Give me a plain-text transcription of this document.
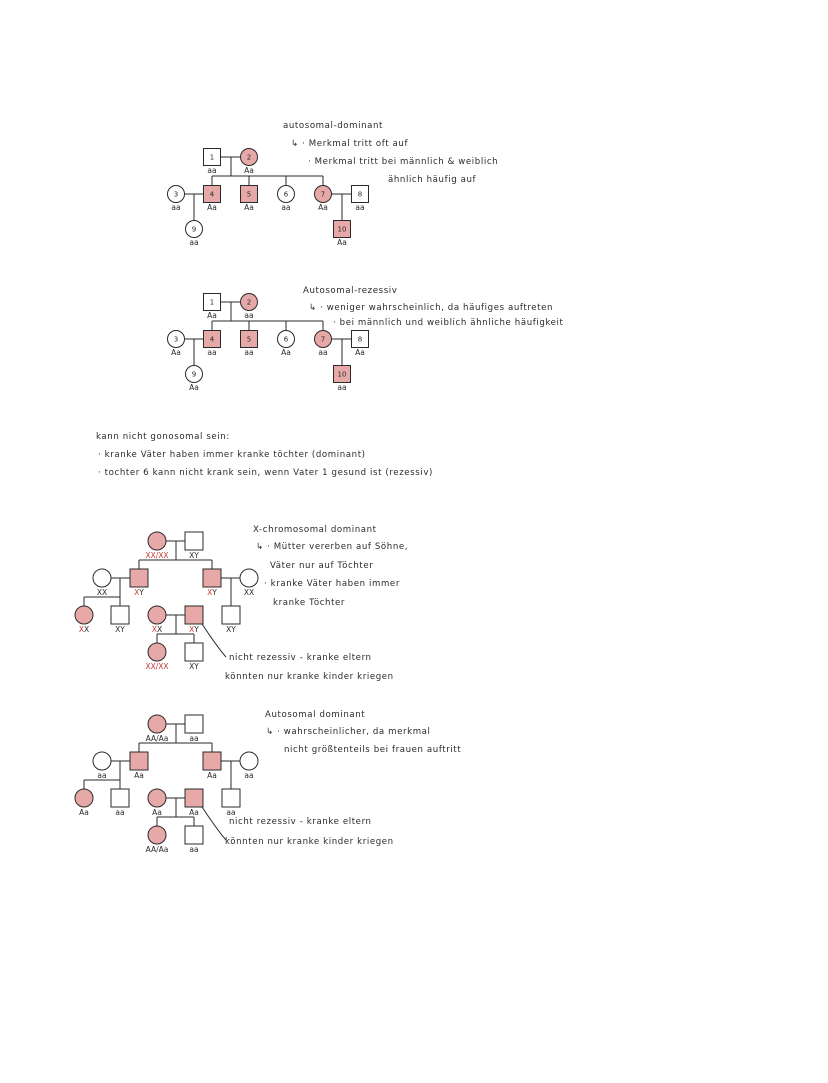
autosomal-dominant
↳ · Merkmal tritt oft auf
· Merkmal tritt bei männlich & weiblich
ähnlich häufig auf
Autosomal-rezessiv
↳ · weniger wahrscheinlich, da häufiges auftreten
· bei männlich und weiblich ähnliche häufigkeit
kann nicht gonosomal sein:
· kranke Väter haben immer kranke töchter (dominant)
· tochter 6 kann nicht krank sein, wenn Vater 1 gesund ist (rezessiv)
X-chromosomal dominant
↳ · Mütter vererben auf Söhne,
Väter nur auf Töchter
· kranke Väter haben immer
kranke Töchter
nicht rezessiv - kranke eltern
könnten nur kranke kinder kriegen
Autosomal dominant
↳ · wahrscheinlicher, da merkmal
nicht größtenteils bei frauen auftritt
nicht rezessiv - kranke eltern
könnten nur kranke kinder kriegen
1
aa
2
Aa
3
aa
4
Aa
5
Aa
6
aa
7
Aa
8
aa
9
aa
10
Aa
1
Aa
2
aa
3
Aa
4
aa
5
aa
6
Aa
7
aa
8
Aa
9
Aa
10
aa
XX/XX	XY
XX	XY	XY	XX
XX	XY	XX	XY	XY
XX/XX	XY
AA/Aa	aa
aa	Aa	Aa	aa
Aa	aa	Aa	Aa	aa
AA/Aa	aa
